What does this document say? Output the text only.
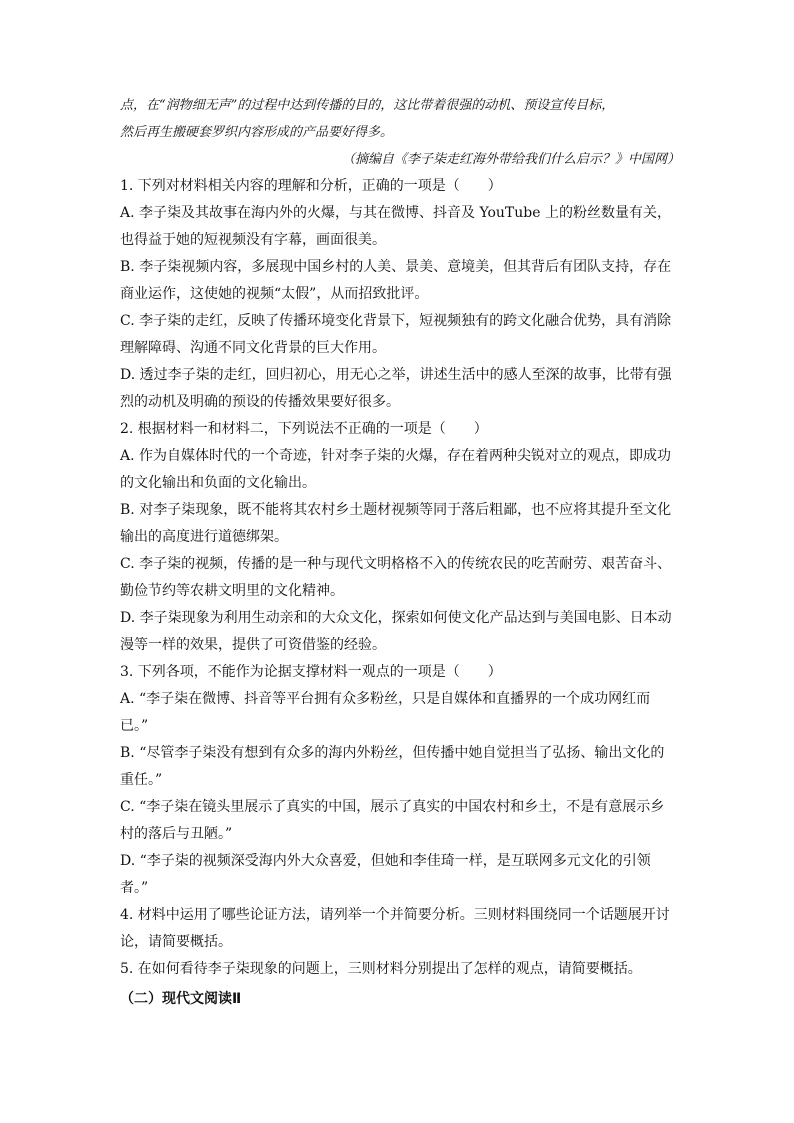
点，在“润物细无声”的过程中达到传播的目的，这比带着很强的动机、预设宣传目标，
然后再生搬硬套罗织内容形成的产品要好得多。
（摘编自《李子柒走红海外带给我们什么启示？》中国网）
1. 下列对材料相关内容的理解和分析，正确的一项是（　　）
A. 李子柒及其故事在海内外的火爆，与其在微博、抖音及 YouTube 上的粉丝数量有关，
也得益于她的短视频没有字幕，画面很美。
B. 李子柒视频内容，多展现中国乡村的人美、景美、意境美，但其背后有团队支持，存在
商业运作，这使她的视频“太假”，从而招致批评。
C. 李子柒的走红，反映了传播环境变化背景下，短视频独有的跨文化融合优势，具有消除
理解障碍、沟通不同文化背景的巨大作用。
D. 透过李子柒的走红，回归初心，用无心之举，讲述生活中的感人至深的故事，比带有强
烈的动机及明确的预设的传播效果要好很多。
2. 根据材料一和材料二，下列说法不正确的一项是（　　）
A. 作为自媒体时代的一个奇迹，针对李子柒的火爆，存在着两种尖锐对立的观点，即成功
的文化输出和负面的文化输出。
B. 对李子柒现象，既不能将其农村乡土题材视频等同于落后粗鄙，也不应将其提升至文化
输出的高度进行道德绑架。
C. 李子柒的视频，传播的是一种与现代文明格格不入的传统农民的吃苦耐劳、艰苦奋斗、
勤俭节约等农耕文明里的文化精神。
D. 李子柒现象为利用生动亲和的大众文化，探索如何使文化产品达到与美国电影、日本动
漫等一样的效果，提供了可资借鉴的经验。
3. 下列各项，不能作为论据支撑材料一观点的一项是（　　）
A. “李子柒在微博、抖音等平台拥有众多粉丝，只是自媒体和直播界的一个成功网红而
已。”
B. “尽管李子柒没有想到有众多的海内外粉丝，但传播中她自觉担当了弘扬、输出文化的
重任。”
C. “李子柒在镜头里展示了真实的中国，展示了真实的中国农村和乡土，不是有意展示乡
村的落后与丑陋。”
D. “李子柒的视频深受海内外大众喜爱，但她和李佳琦一样，是互联网多元文化的引领
者。”
4. 材料中运用了哪些论证方法，请列举一个并简要分析。三则材料围绕同一个话题展开讨
论，请简要概括。
5. 在如何看待李子柒现象的问题上，三则材料分别提出了怎样的观点，请简要概括。
（二）现代文阅读Ⅱ
